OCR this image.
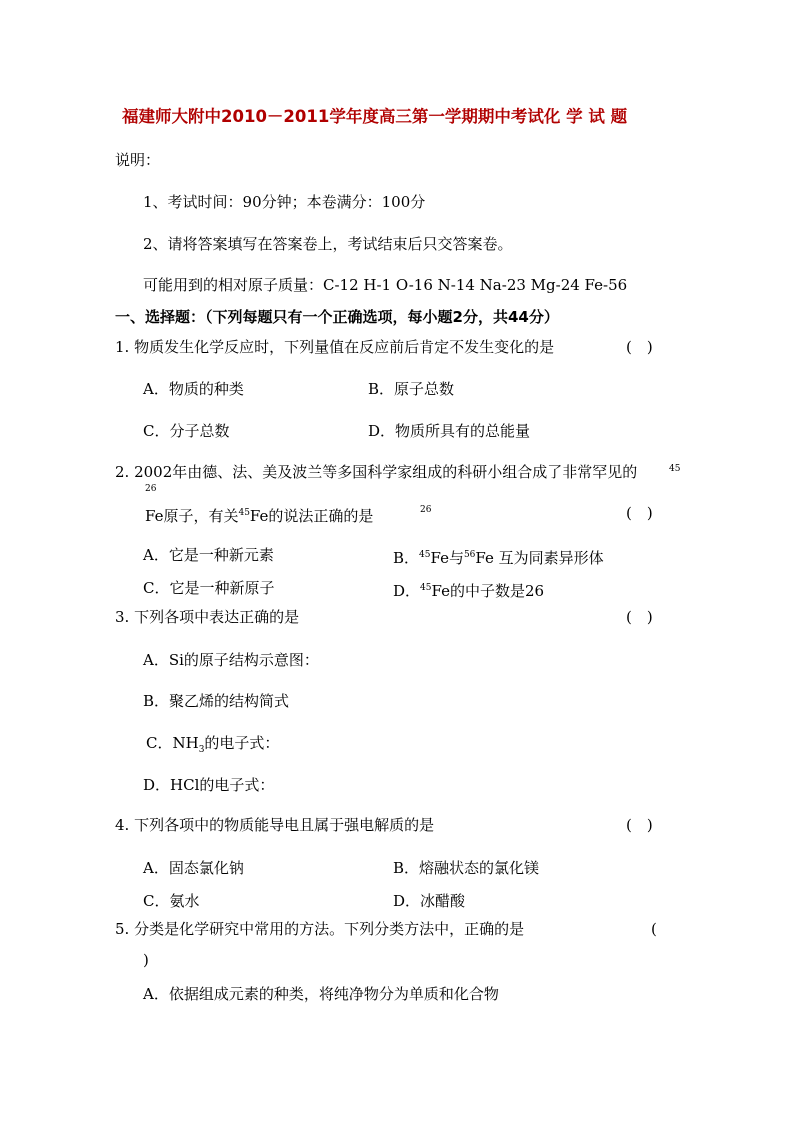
福建师大附中2010－2011学年度高三第一学期期中考试化 学 试 题
说明：
1、考试时间：90分钟；本卷满分：100分
2、请将答案填写在答案卷上，考试结束后只交答案卷。
可能用到的相对原子质量：C-12 H-1 O-16 N-14 Na-23 Mg-24 Fe-56
一、选择题：（下列每题只有一个正确选项，每小题2分，共44分）
1. 物质发生化学反应时，下列量值在反应前后肯定不发生变化的是	(　)
A．物质的种类	B．原子总数
C．分子总数	D．物质所具有的总能量
2. 2002年由德、法、美及波兰等多国科学家组成的科研小组合成了非常罕见的	45
26
Fe原子，有关$^{45}$Fe的说法正确的是	26	(　)
A．它是一种新元素	B．$^{45}$Fe与$^{56}$Fe 互为同素异形体
C．它是一种新原子	D．$^{45}$Fe的中子数是26
3. 下列各项中表达正确的是	(　)
A．Si的原子结构示意图：
B．聚乙烯的结构简式
C．$NH_3$的电子式：
D．HCl的电子式：
4. 下列各项中的物质能导电且属于强电解质的是	(　)
A．固态氯化钠	B．熔融状态的氯化镁
C．氨水	D．冰醋酸
5. 分类是化学研究中常用的方法。下列分类方法中，正确的是	(
)
A．依据组成元素的种类，将纯净物分为单质和化合物
